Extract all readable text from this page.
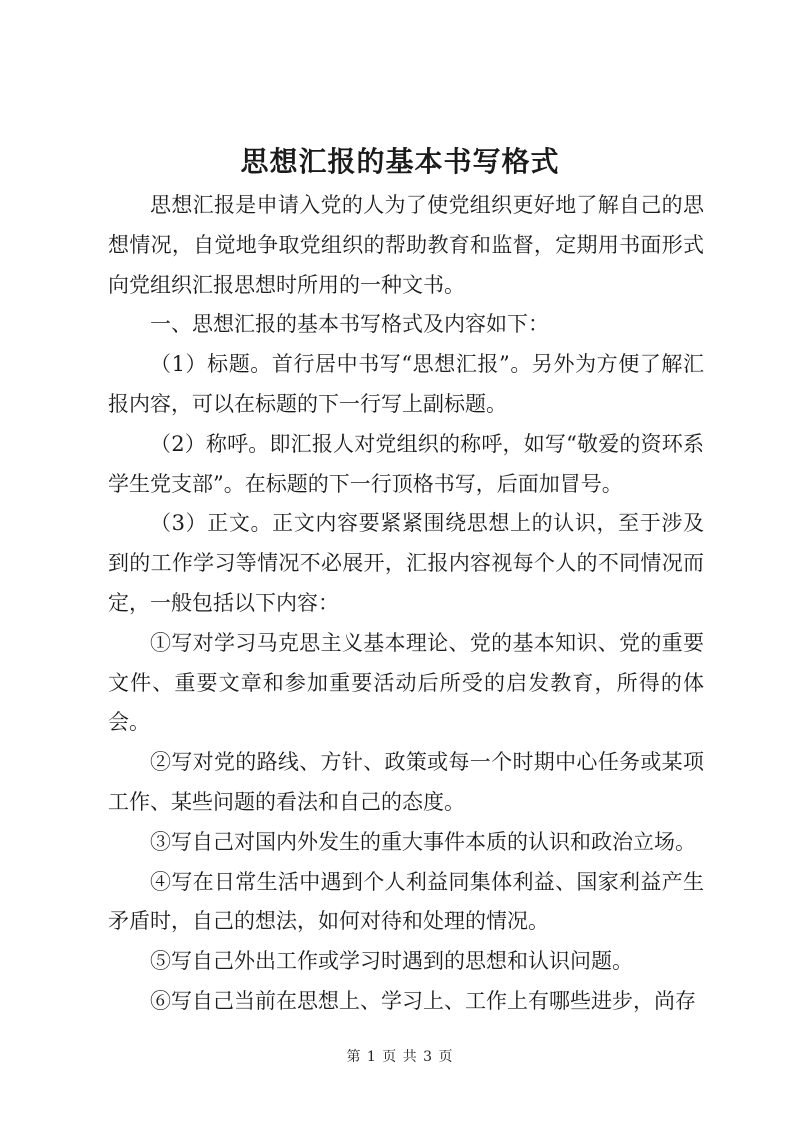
思想汇报的基本书写格式

思想汇报是申请入党的人为了使党组织更好地了解自己的思想情况，自觉地争取党组织的帮助教育和监督，定期用书面形式向党组织汇报思想时所用的一种文书。

一、思想汇报的基本书写格式及内容如下：

（1）标题。首行居中书写“思想汇报”。另外为方便了解汇报内容，可以在标题的下一行写上副标题。

（2）称呼。即汇报人对党组织的称呼，如写“敬爱的资环系学生党支部”。在标题的下一行顶格书写，后面加冒号。

（3）正文。正文内容要紧紧围绕思想上的认识，至于涉及到的工作学习等情况不必展开，汇报内容视每个人的不同情况而定，一般包括以下内容：

①写对学习马克思主义基本理论、党的基本知识、党的重要文件、重要文章和参加重要活动后所受的启发教育，所得的体会。

②写对党的路线、方针、政策或每一个时期中心任务或某项工作、某些问题的看法和自己的态度。

③写自己对国内外发生的重大事件本质的认识和政治立场。

④写在日常生活中遇到个人利益同集体利益、国家利益产生矛盾时，自己的想法，如何对待和处理的情况。

⑤写自己外出工作或学习时遇到的思想和认识问题。

⑥写自己当前在思想上、学习上、工作上有哪些进步，尚存

第 1 页 共 3 页
